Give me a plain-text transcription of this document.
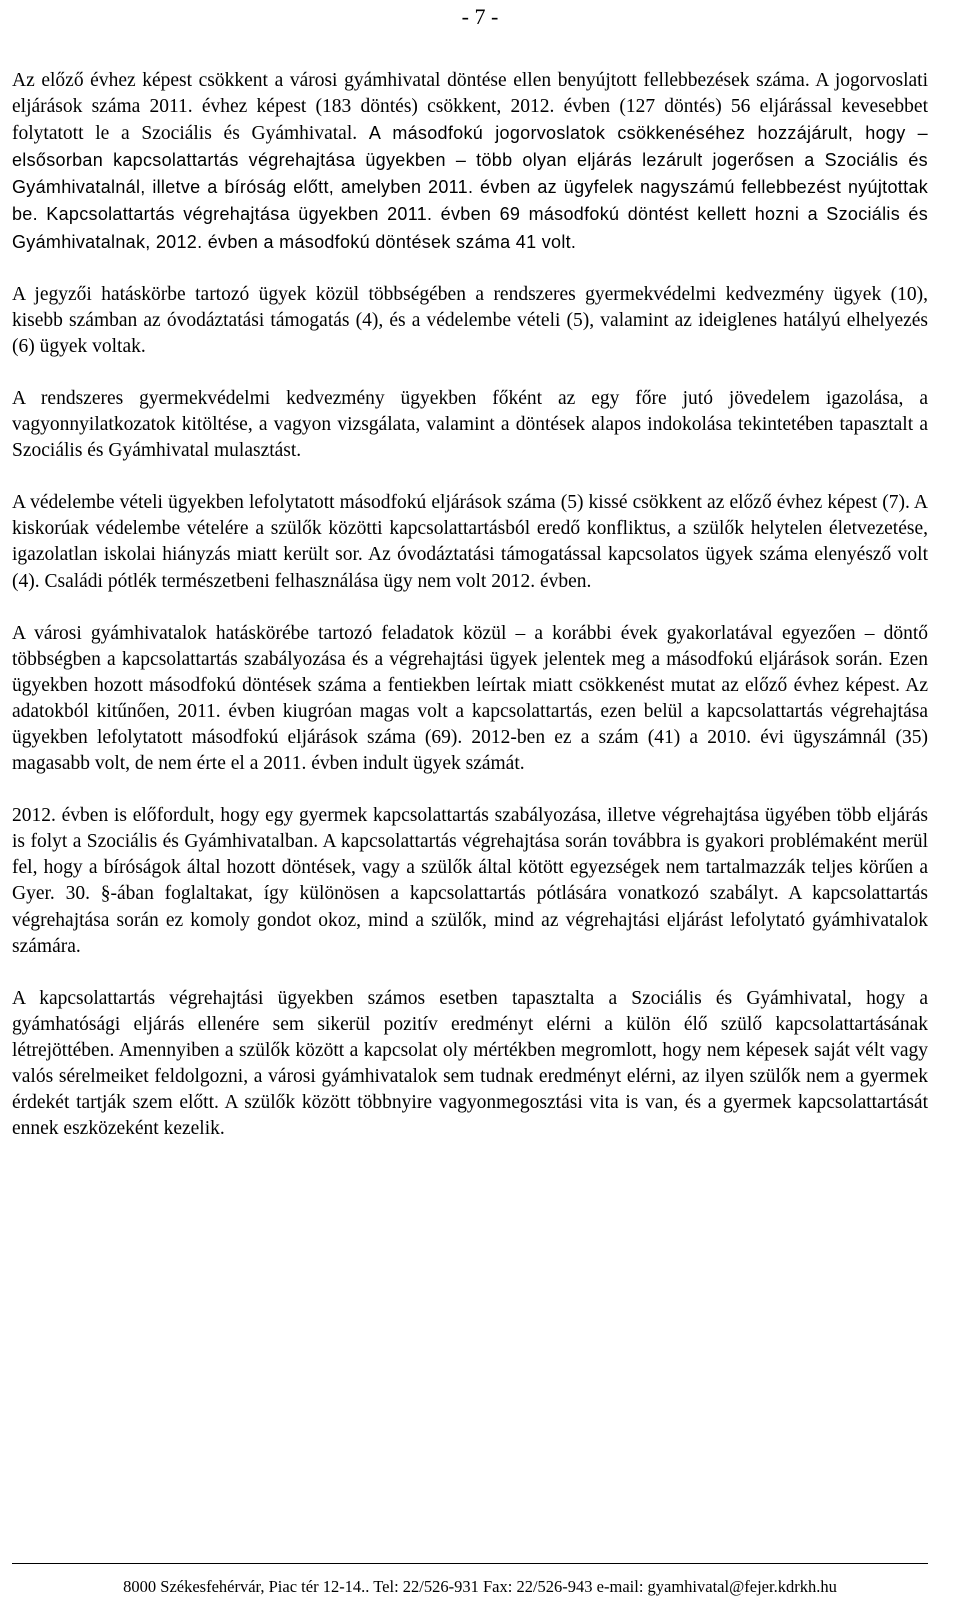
- 7 -

Az előző évhez képest csökkent a városi gyámhivatal döntése ellen benyújtott fellebbezések száma. A jogorvoslati eljárások száma 2011. évhez képest (183 döntés) csökkent, 2012. évben (127 döntés) 56 eljárással kevesebbet folytatott le a Szociális és Gyámhivatal. A másodfokú jogorvoslatok csökkenéséhez hozzájárult, hogy – elsősorban kapcsolattartás végrehajtása ügyekben – több olyan eljárás lezárult jogerősen a Szociális és Gyámhivatalnál, illetve a bíróság előtt, amelyben 2011. évben az ügyfelek nagyszámú fellebbezést nyújtottak be. Kapcsolattartás végrehajtása ügyekben 2011. évben 69 másodfokú döntést kellett hozni a Szociális és Gyámhivatalnak, 2012. évben a másodfokú döntések száma 41 volt.

A jegyzői hatáskörbe tartozó ügyek közül többségében a rendszeres gyermekvédelmi kedvezmény ügyek (10), kisebb számban az óvodáztatási támogatás (4), és a védelembe vételi (5), valamint az ideiglenes hatályú elhelyezés (6) ügyek voltak.

A rendszeres gyermekvédelmi kedvezmény ügyekben főként az egy főre jutó jövedelem igazolása, a vagyonnyilatkozatok kitöltése, a vagyon vizsgálata, valamint a döntések alapos indokolása tekintetében tapasztalt a Szociális és Gyámhivatal mulasztást.

A védelembe vételi ügyekben lefolytatott másodfokú eljárások száma (5) kissé csökkent az előző évhez képest (7). A kiskorúak védelembe vételére a szülők közötti kapcsolattartásból eredő konfliktus, a szülők helytelen életvezetése, igazolatlan iskolai hiányzás miatt került sor. Az óvodáztatási támogatással kapcsolatos ügyek száma elenyésző volt (4). Családi pótlék természetbeni felhasználása ügy nem volt 2012. évben.

A városi gyámhivatalok hatáskörébe tartozó feladatok közül – a korábbi évek gyakorlatával egyezően – döntő többségben a kapcsolattartás szabályozása és a végrehajtási ügyek jelentek meg a másodfokú eljárások során. Ezen ügyekben hozott másodfokú döntések száma a fentiekben leírtak miatt csökkenést mutat az előző évhez képest. Az adatokból kitűnően, 2011. évben kiugróan magas volt a kapcsolattartás, ezen belül a kapcsolattartás végrehajtása ügyekben lefolytatott másodfokú eljárások száma (69). 2012-ben ez a szám (41) a 2010. évi ügyszámnál (35) magasabb volt, de nem érte el a 2011. évben indult ügyek számát.

2012. évben is előfordult, hogy egy gyermek kapcsolattartás szabályozása, illetve végrehajtása ügyében több eljárás is folyt a Szociális és Gyámhivatalban. A kapcsolattartás végrehajtása során továbbra is gyakori problémaként merül fel, hogy a bíróságok által hozott döntések, vagy a szülők által kötött egyezségek nem tartalmazzák teljes körűen a Gyer. 30. §-ában foglaltakat, így különösen a kapcsolattartás pótlására vonatkozó szabályt. A kapcsolattartás végrehajtása során ez komoly gondot okoz, mind a szülők, mind az végrehajtási eljárást lefolytató gyámhivatalok számára.

A kapcsolattartás végrehajtási ügyekben számos esetben tapasztalta a Szociális és Gyámhivatal, hogy a gyámhatósági eljárás ellenére sem sikerül pozitív eredményt elérni a külön élő szülő kapcsolattartásának létrejöttében. Amennyiben a szülők között a kapcsolat oly mértékben megromlott, hogy nem képesek saját vélt vagy valós sérelmeiket feldolgozni, a városi gyámhivatalok sem tudnak eredményt elérni, az ilyen szülők nem a gyermek érdekét tartják szem előtt. A szülők között többnyire vagyonmegosztási vita is van, és a gyermek kapcsolattartását ennek eszközeként kezelik.

8000 Székesfehérvár, Piac tér 12-14.. Tel: 22/526-931 Fax: 22/526-943 e-mail: gyamhivatal@fejer.kdrkh.hu
